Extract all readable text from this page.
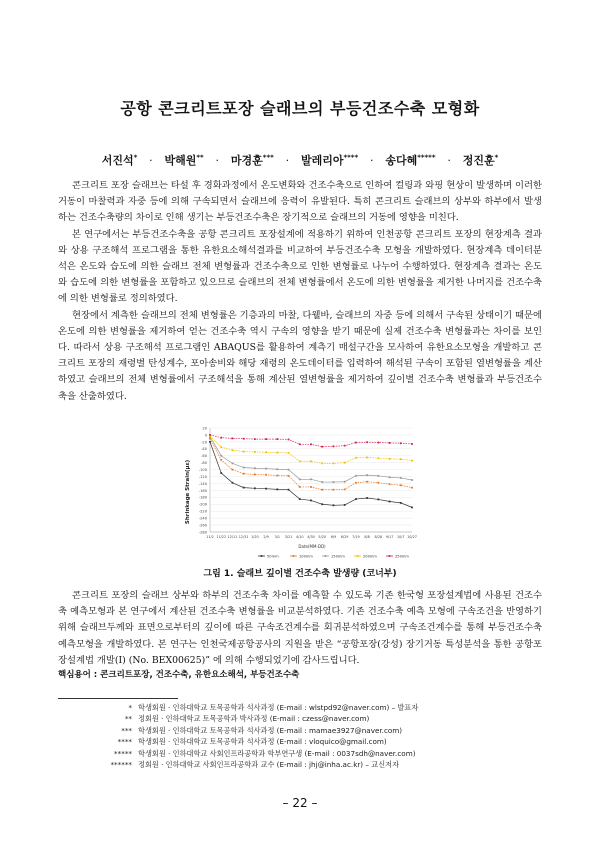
공항 콘크리트포장 슬래브의 부등건조수축 모형화
서진석* · 박해원** · 마경훈*** · 발레리아**** · 송다혜***** · 정진훈*

콘크리트 포장 슬래브는 타설 후 경화과정에서 온도변화와 건조수축으로 인하여 컬링과 와핑 현상이 발생하며 이러한 거동이 마찰력과 자중 등에 의해 구속되면서 슬래브에 응력이 유발된다. 특히 콘크리트 슬래브의 상부와 하부에서 발생하는 건조수축량의 차이로 인해 생기는 부등건조수축은 장기적으로 슬래브의 거동에 영향을 미친다.

본 연구에서는 부등건조수축을 공항 콘크리트 포장설계에 적용하기 위하여 인천공항 콘크리트 포장의 현장계측 결과와 상용 구조해석 프로그램을 통한 유한요소해석결과를 비교하여 부등건조수축 모형을 개발하였다. 현장계측 데이터분석은 온도와 습도에 의한 슬래브 전체 변형률과 건조수축으로 인한 변형률로 나누어 수행하였다. 현장계측 결과는 온도와 습도에 의한 변형률을 포함하고 있으므로 슬래브의 전체 변형률에서 온도에 의한 변형률을 제거한 나머지를 건조수축에 의한 변형률로 정의하였다.

현장에서 계측한 슬래브의 전체 변형률은 기층과의 마찰, 다웰바, 슬래브의 자중 등에 의해서 구속된 상태이기 때문에 온도에 의한 변형률을 제거하여 얻는 건조수축 역시 구속의 영향을 받기 때문에 실제 건조수축 변형률과는 차이를 보인다. 따라서 상용 구조해석 프로그램인 ABAQUS를 활용하여 계측기 매설구간을 모사하여 유한요소모형을 개발하고 콘크리트 포장의 재령별 탄성계수, 포아송비와 해당 재령의 온도데이터를 입력하여 해석된 구속이 포함된 열변형률을 계산하였고 슬래브의 전체 변형률에서 구조해석을 통해 계산된 열변형률을 제거하여 깊이별 건조수축 변형률과 부등건조수축을 산출하였다.

20
0
-20
-40
-60
-80
-100
-120
-140
-160
-180
-200
-220
-240
-260
-280
11/2 11/22 12/11 12/31 1/20 2/9 3/1 3/21 4/10 4/30 5/20 6/9 6/29 7/19 8/8 8/28 9/17 10/7 10/27
50mm	100mm	150mm	200mm	250mm
Shrinkage Strain(με)
Date(MM-DD)
그림 1. 슬래브 깊이별 건조수축 발생량 (코너부)

콘크리트 포장의 슬래브 상부와 하부의 건조수축 차이를 예측할 수 있도록 기존 한국형 포장설계법에 사용된 건조수축 예측모형과 본 연구에서 계산된 건조수축 변형률을 비교분석하였다. 기존 건조수축 예측 모형에 구속조건을 반영하기 위해 슬래브두께와 표면으로부터의 깊이에 따른 구속조건계수를 회귀분석하였으며 구속조건계수를 통해 부등건조수축 예측모형을 개발하였다. 본 연구는 인천국제공항공사의 지원을 받은 “공항포장(강성) 장기거동 특성분석을 통한 공항포장설계법 개발(Ⅰ) (No. BEX00625)” 에 의해 수행되었기에 감사드립니다.

핵심용어 : 콘크리트포장, 건조수축, 유한요소해석, 부등건조수축
* 학생회원 · 인하대학교 토목공학과 석사과정 (E-mail : wlstpd92@naver.com) – 발표자
** 정회원 · 인하대학교 토목공학과 박사과정 (E-mail : czess@naver.com)
*** 학생회원 · 인하대학교 토목공학과 석사과정 (E-mail : mamae3927@naver.com)
**** 학생회원 · 인하대학교 토목공학과 석사과정 (E-mail : vloquico@gmail.com)
***** 학생회원 · 인하대학교 사회인프라공학과 학부연구생 (E-mail : 0037sdh@naver.com)
****** 정회원 · 인하대학교 사회인프라공학과 교수 (E-mail : jhj@inha.ac.kr) – 교신저자
– 22 –
